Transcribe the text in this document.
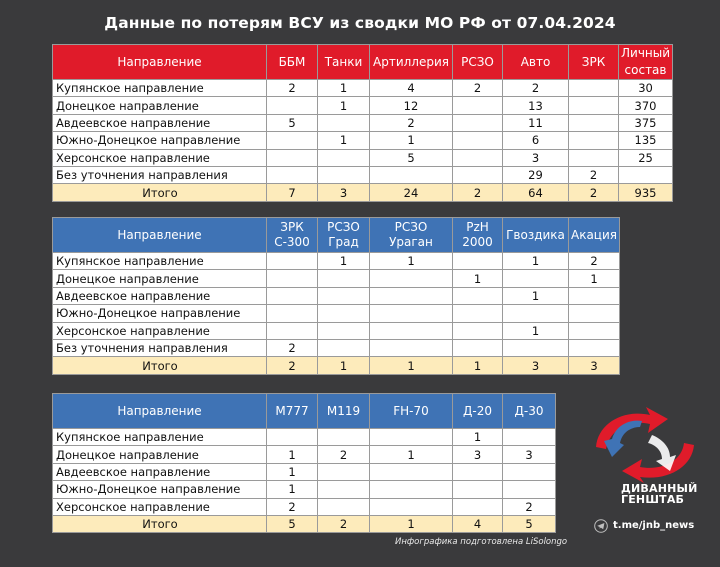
Данные по потерям ВСУ из сводки МО РФ от 07.04.2024
Направление	ББМ	Танки	Артиллерия	РСЗО	Авто	ЗРК	Личный состав
Купянское направление	2	1	4	2	2		30
Донецкое направление		1	12		13		370
Авдеевское направление	5		2		11		375
Южно-Донецкое направление		1	1		6		135
Херсонское направление			5		3		25
Без уточнения направления					29	2	
Итого	7	3	24	2	64	2	935
Направление	ЗРК С-300	РСЗО Град	РСЗО Ураган	PzH 2000	Гвоздика	Акация
Купянское направление		1	1		1	2
Донецкое направление				1		1
Авдеевское направление					1	
Южно-Донецкое направление						
Херсонское направление					1	
Без уточнения направления	2					
Итого	2	1	1	1	3	3
Направление	M777	M119	FH-70	Д-20	Д-30
Купянское направление				1	
Донецкое направление	1	2	1	3	3
Авдеевское направление	1				
Южно-Донецкое направление	1				
Херсонское направление	2				2
Итого	5	2	1	4	5
ДИВАННЫЙ
ГЕНШТАБ
t.me/jnb_news
Инфографика подготовлена LiSolongo
